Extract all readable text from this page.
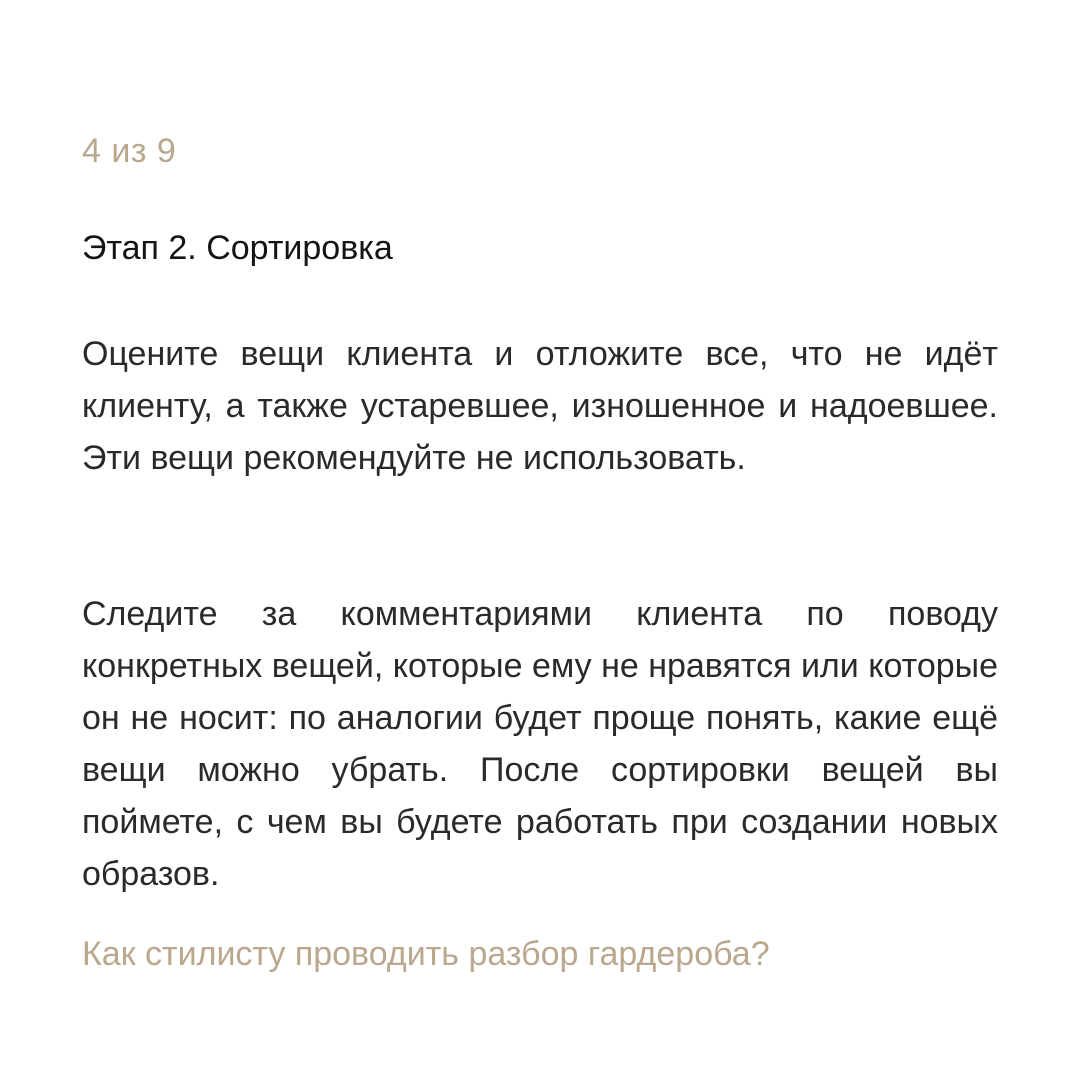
4 из 9

Этап 2. Сортировка

Оцените вещи клиента и отложите все, что не идёт клиенту, а также устаревшее, изношенное и надоевшее. Эти вещи рекомендуйте не использовать.

Следите за комментариями клиента по поводу конкретных вещей, которые ему не нравятся или которые он не носит: по аналогии будет проще понять, какие ещё вещи можно убрать. После сортировки вещей вы поймете, с чем вы будете работать при создании новых образов.

Как стилисту проводить разбор гардероба?
